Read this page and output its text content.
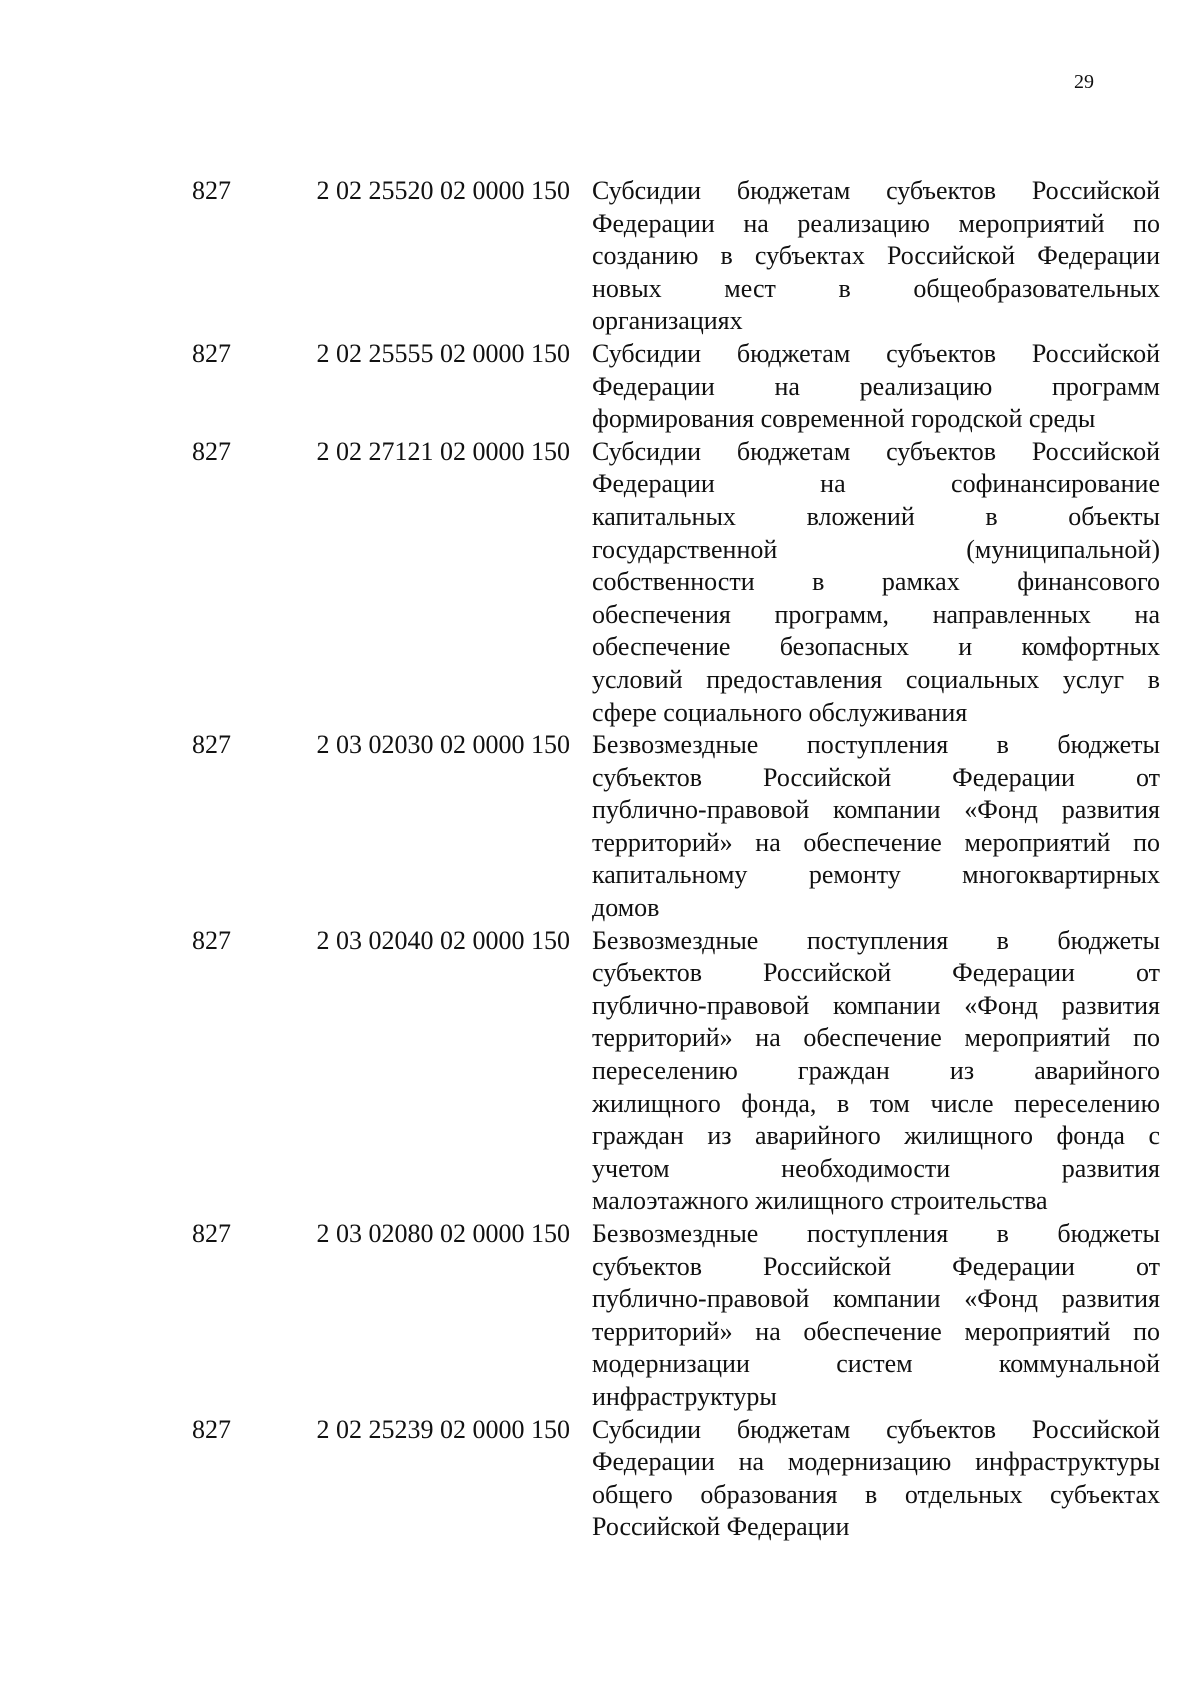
29
827	2 02 25520 02 0000 150 Субсидии бюджетам субъектов Российской
Федерации на реализацию мероприятий по
созданию в субъектах Российской Федерации
новых мест в общеобразовательных
организациях
827	2 02 25555 02 0000 150 Субсидии бюджетам субъектов Российской
Федерации на реализацию программ
формирования современной городской среды
827	2 02 27121 02 0000 150 Субсидии бюджетам субъектов Российской
Федерации на софинансирование
капитальных вложений в объекты
государственной (муниципальной)
собственности в рамках финансового
обеспечения программ, направленных на
обеспечение безопасных и комфортных
условий предоставления социальных услуг в
сфере социального обслуживания
827	2 03 02030 02 0000 150 Безвозмездные поступления в бюджеты
субъектов Российской Федерации от
публично-правовой компании «Фонд развития
территорий» на обеспечение мероприятий по
капитальному ремонту многоквартирных
домов
827	2 03 02040 02 0000 150 Безвозмездные поступления в бюджеты
субъектов Российской Федерации от
публично-правовой компании «Фонд развития
территорий» на обеспечение мероприятий по
переселению граждан из аварийного
жилищного фонда, в том числе переселению
граждан из аварийного жилищного фонда с
учетом необходимости развития
малоэтажного жилищного строительства
827	2 03 02080 02 0000 150 Безвозмездные поступления в бюджеты
субъектов Российской Федерации от
публично-правовой компании «Фонд развития
территорий» на обеспечение мероприятий по
модернизации систем коммунальной
инфраструктуры
827	2 02 25239 02 0000 150 Субсидии бюджетам субъектов Российской
Федерации на модернизацию инфраструктуры
общего образования в отдельных субъектах
Российской Федерации
